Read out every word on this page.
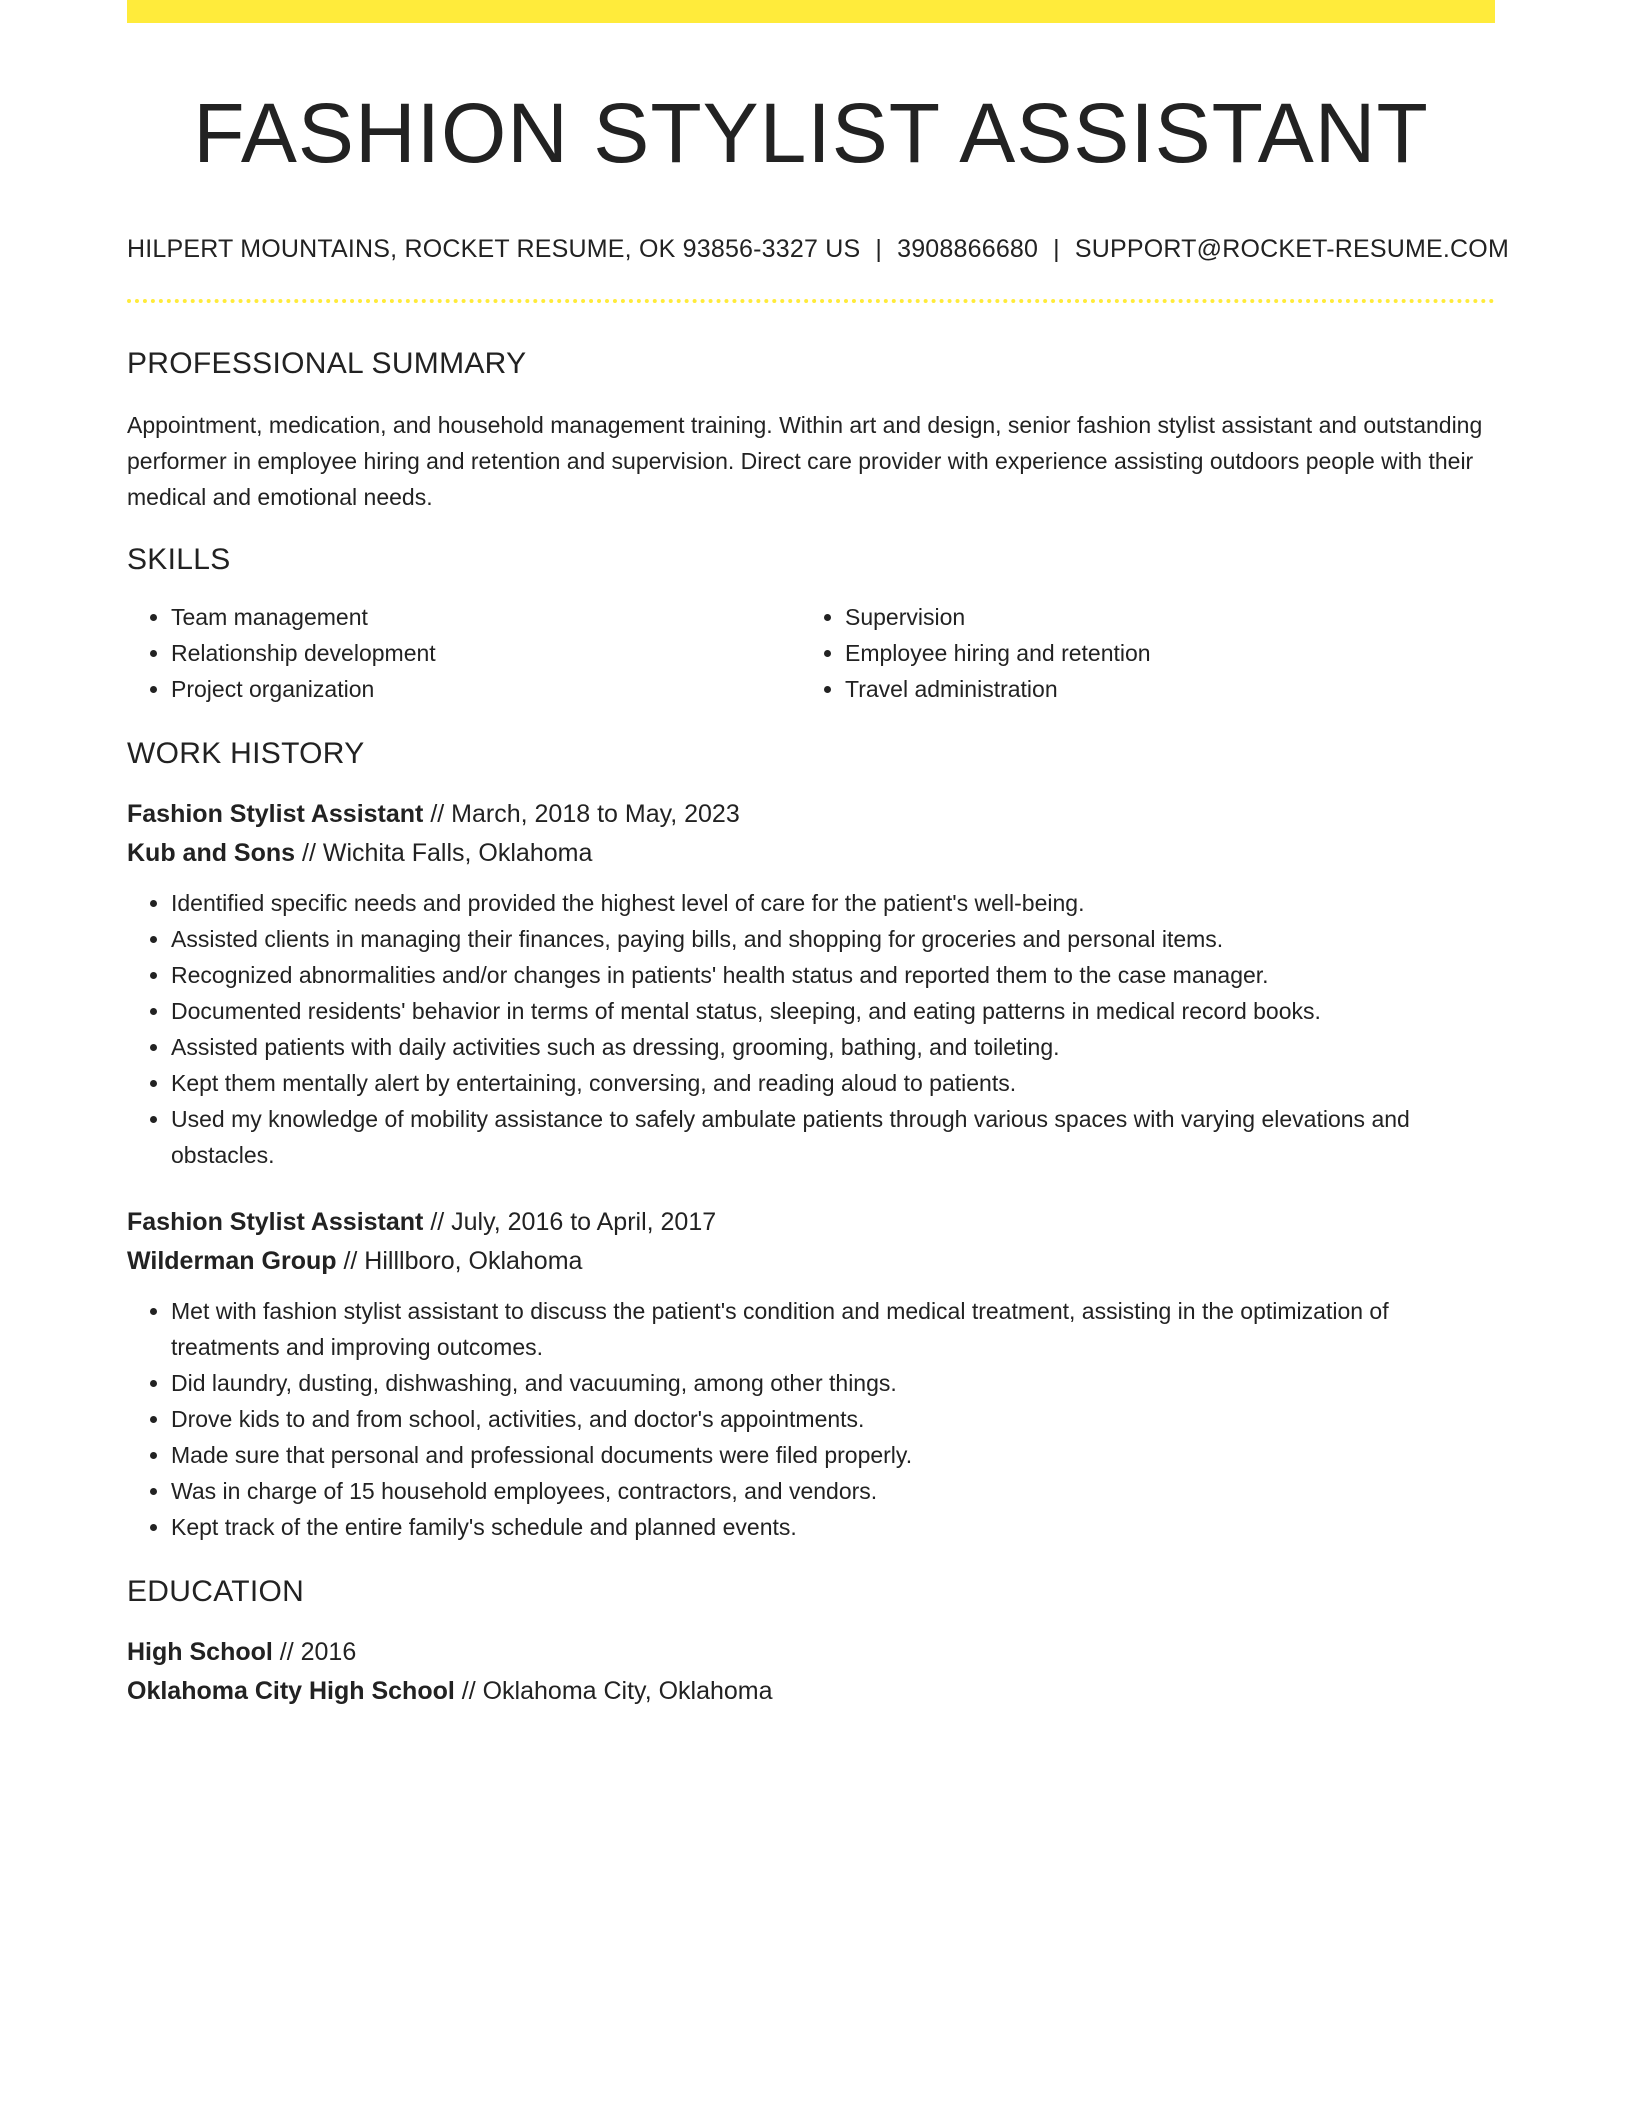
FASHION STYLIST ASSISTANT
HILPERT MOUNTAINS, ROCKET RESUME, OK 93856-3327 US | 3908866680 | SUPPORT@ROCKET-RESUME.COM
PROFESSIONAL SUMMARY
Appointment, medication, and household management training. Within art and design, senior fashion stylist assistant and outstanding performer in employee hiring and retention and supervision. Direct care provider with experience assisting outdoors people with their medical and emotional needs.
SKILLS
• Team management
• Relationship development
• Project organization
• Supervision
• Employee hiring and retention
• Travel administration
WORK HISTORY
Fashion Stylist Assistant // March, 2018 to May, 2023
Kub and Sons // Wichita Falls, Oklahoma
• Identified specific needs and provided the highest level of care for the patient's well-being.
• Assisted clients in managing their finances, paying bills, and shopping for groceries and personal items.
• Recognized abnormalities and/or changes in patients' health status and reported them to the case manager.
• Documented residents' behavior in terms of mental status, sleeping, and eating patterns in medical record books.
• Assisted patients with daily activities such as dressing, grooming, bathing, and toileting.
• Kept them mentally alert by entertaining, conversing, and reading aloud to patients.
• Used my knowledge of mobility assistance to safely ambulate patients through various spaces with varying elevations and obstacles.
Fashion Stylist Assistant // July, 2016 to April, 2017
Wilderman Group // Hilllboro, Oklahoma
• Met with fashion stylist assistant to discuss the patient's condition and medical treatment, assisting in the optimization of treatments and improving outcomes.
• Did laundry, dusting, dishwashing, and vacuuming, among other things.
• Drove kids to and from school, activities, and doctor's appointments.
• Made sure that personal and professional documents were filed properly.
• Was in charge of 15 household employees, contractors, and vendors.
• Kept track of the entire family's schedule and planned events.
EDUCATION
High School // 2016
Oklahoma City High School // Oklahoma City, Oklahoma
